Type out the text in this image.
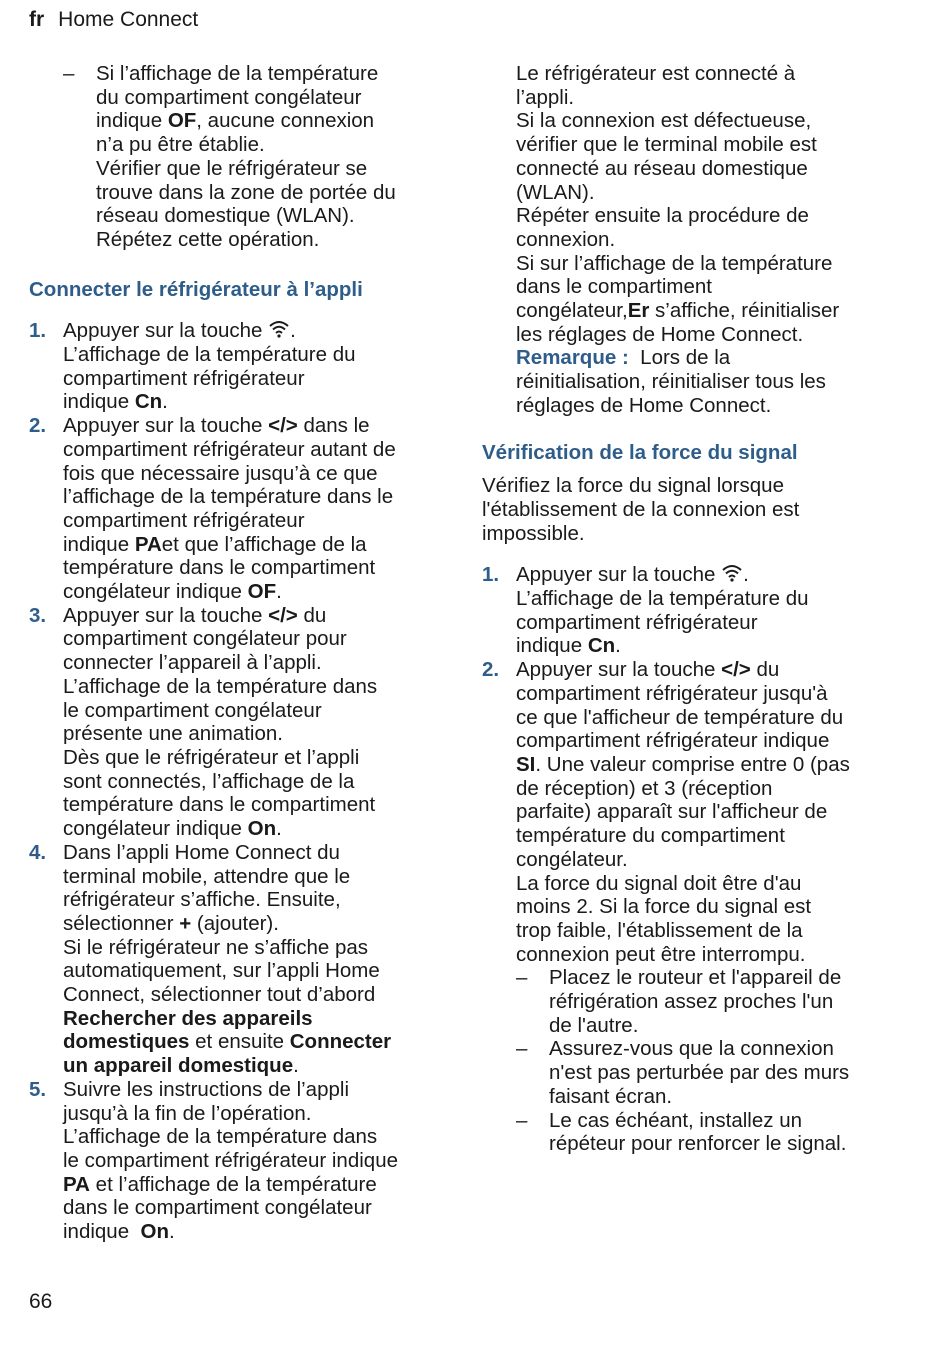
fr Home Connect
– Si l’affichage de la température
du compartiment congélateur
indique OF, aucune connexion
n’a pu être établie.
Vérifier que le réfrigérateur se
trouve dans la zone de portée du
réseau domestique (WLAN).
Répétez cette opération.

Connecter le réfrigérateur à l’appli
1. Appuyer sur la touche .
L’affichage de la température du
compartiment réfrigérateur
indique Cn.

2. Appuyer sur la touche </> dans le
compartiment réfrigérateur autant de
fois que nécessaire jusqu’à ce que
l’affichage de la température dans le
compartiment réfrigérateur
indique PAet que l’affichage de la
température dans le compartiment
congélateur indique OF.

3. Appuyer sur la touche </> du
compartiment congélateur pour
connecter l’appareil à l’appli.
L’affichage de la température dans
le compartiment congélateur
présente une animation.
Dès que le réfrigérateur et l’appli
sont connectés, l’affichage de la
température dans le compartiment
congélateur indique On.

4. Dans l’appli Home Connect du
terminal mobile, attendre que le
réfrigérateur s’affiche. Ensuite,
sélectionner + (ajouter).
Si le réfrigérateur ne s’affiche pas
automatiquement, sur l’appli Home
Connect, sélectionner tout d’abord
Rechercher des appareils
domestiques et ensuite Connecter
un appareil domestique.

5. Suivre les instructions de l’appli
jusqu’à la fin de l’opération.
L’affichage de la température dans
le compartiment réfrigérateur indique
PA et l’affichage de la température
dans le compartiment congélateur
indique  On.

Le réfrigérateur est connecté à
l’appli.
Si la connexion est défectueuse,
vérifier que le terminal mobile est
connecté au réseau domestique
(WLAN).
Répéter ensuite la procédure de
connexion.
Si sur l’affichage de la température
dans le compartiment
congélateur,Er s’affiche, réinitialiser
les réglages de Home Connect.

Remarque :  Lors de la
réinitialisation, réinitialiser tous les
réglages de Home Connect.

Vérification de la force du signal

Vérifiez la force du signal lorsque
l'établissement de la connexion est
impossible.

1. Appuyer sur la touche .
L’affichage de la température du
compartiment réfrigérateur
indique Cn.

2. Appuyer sur la touche </> du
compartiment réfrigérateur jusqu'à
ce que l'afficheur de température du
compartiment réfrigérateur indique
SI. Une valeur comprise entre 0 (pas
de réception) et 3 (réception
parfaite) apparaît sur l'afficheur de
température du compartiment
congélateur.
La force du signal doit être d'au
moins 2. Si la force du signal est
trop faible, l'établissement de la
connexion peut être interrompu.

– Placez le routeur et l'appareil de
réfrigération assez proches l'un
de l'autre.

– Assurez-vous que la connexion
n'est pas perturbée par des murs
faisant écran.

– Le cas échéant, installez un
répéteur pour renforcer le signal.

66
